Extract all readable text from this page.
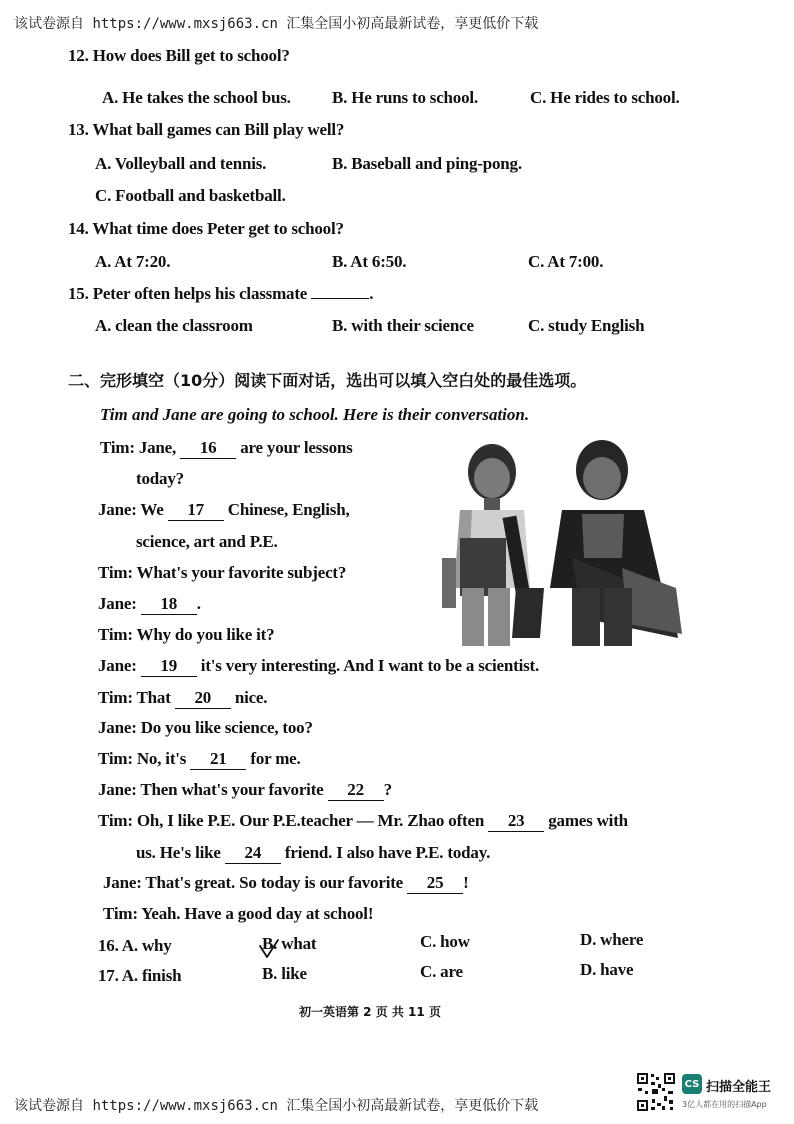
该试卷源自 https://www.mxsj663.cn 汇集全国小初高最新试卷，享更低价下载
12. How does Bill get to school?
A. He takes the school bus. B. He runs to school.	C. He rides to school.
13. What ball games can Bill play well?
A. Volleyball and tennis.	B. Baseball and ping-pong.
C. Football and basketball.
14. What time does Peter get to school?
A. At 7:20.	B. At 6:50.	C. At 7:00.
15. Peter often helps his classmate	.
A. clean the classroom	B. with their science	C. study English
二、完形填空（10分）阅读下面对话，选出可以填入空白处的最佳选项。
Tim and Jane are going to school. Here is their conversation.
Tim: Jane, 16 are your lessons
today?
Jane: We 17 Chinese, English,
science, art and P.E.
Tim: What's your favorite subject?
Jane: 18 .
Tim: Why do you like it?
Jane: 19 it's very interesting. And I want to be a scientist.
Tim: That 20 nice.
Jane: Do you like science, too?
Tim: No, it's 21 for me.
Jane: Then what's your favorite 22 ?
Tim: Oh, I like P.E. Our P.E.teacher — Mr. Zhao often 23 games with
us. He's like 24 friend. I also have P.E. today.
Jane: That's great. So today is our favorite 25 !
Tim: Yeah. Have a good day at school!
16. A. why	B. what	C. how	D. where
17. A. finish	B. like	C. are	D. have
初一英语第 2 页 共 11 页
CS 扫描全能王
3亿人都在用的扫描App
该试卷源自 https://www.mxsj663.cn 汇集全国小初高最新试卷，享更低价下载
